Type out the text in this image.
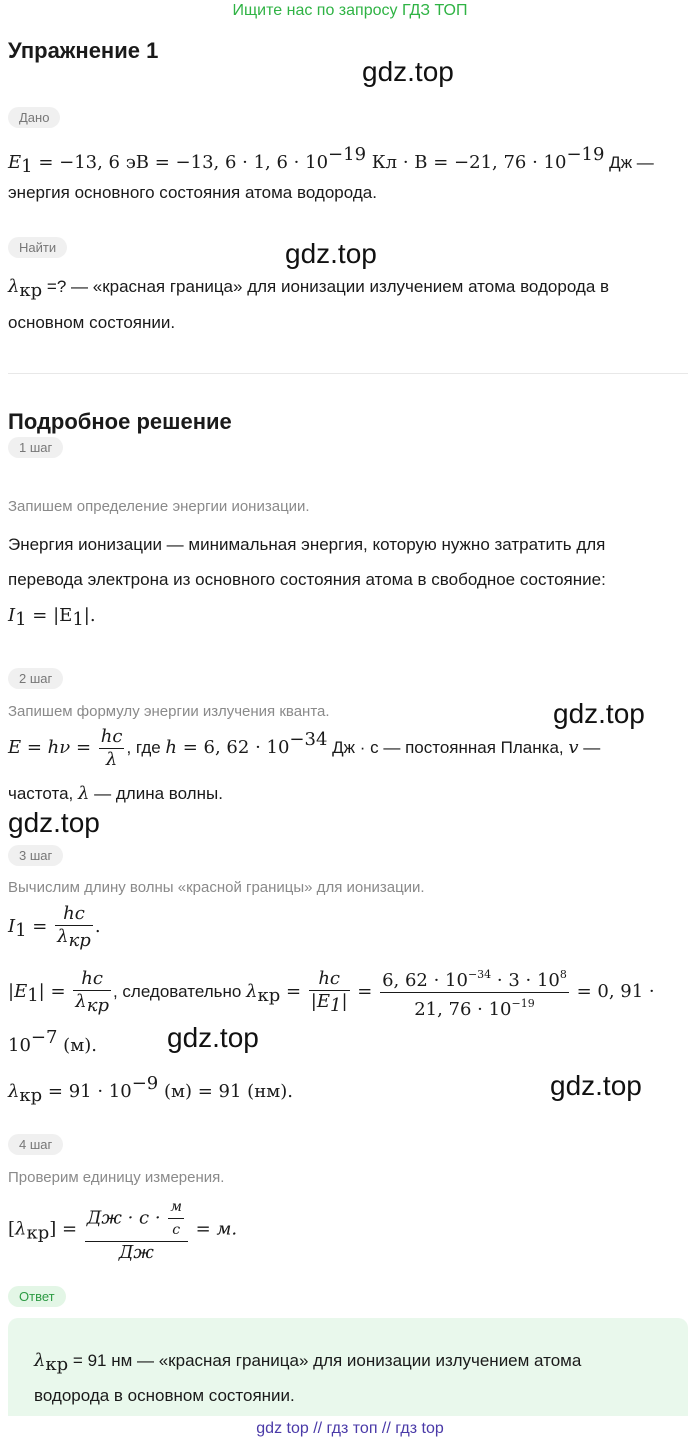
Ищите нас по запросу ГДЗ ТОП
Упражнение 1
gdz.top
gdz.top
gdz.top
gdz.top
gdz.top
gdz.top
Дано
$E_1 = -13$, 6 эВ = −13, 6 · 1, $6 \cdot 10^{-19}$ Кл · В = −21, $76 \cdot 10^{-19}$ Дж —
энергия основного состояния атома водорода.
Найти
$\lambda_{кр}$ =? — «красная граница» для ионизации излучением атома водорода в
основном состоянии.
Подробное решение
1 шаг
Запишем определение энергии ионизации.
Энергия ионизации — минимальная энергия, которую нужно затратить для
перевода электрона из основного состояния атома в свободное состояние:
$I_1 = |E_1|$.
2 шаг
Запишем формулу энергии излучения кванта.
$E = h\nu = \frac{hc}{\lambda}$ , где h = 6, $62 \cdot 10^{-34}$ Дж · с — постоянная Планка, v —
частота, λ — длина волны.
3 шаг
Вычислим длину волны «красной границы» для ионизации.
$I_1 = \frac{hc}{\lambda_{кр}}$ .
$|E_1| = \frac{hc}{\lambda_{кр}}$ , следовательно $\lambda_{кр} = \frac{hc}{|E_1|} = \frac{6, 62 \cdot 10^{-34} \cdot 3 \cdot 10^8}{21, 76 \cdot 10^{-19}} = 0$, 91 ·
$10^{-7}$ (м).
$\lambda_{кр} = 91 \cdot 10^{-9}$ (м) = 91 (нм).
4 шаг
Проверим единицу измерения.
$[\lambda_{кр}] = \frac{Дж \cdot с \cdot \frac{м}{с}}{Дж} = м$.
Ответ
$\lambda_{кр} = 91$ нм — «красная граница» для ионизации излучением атома
водорода в основном состоянии.
gdz top // гдз топ // гдз top
